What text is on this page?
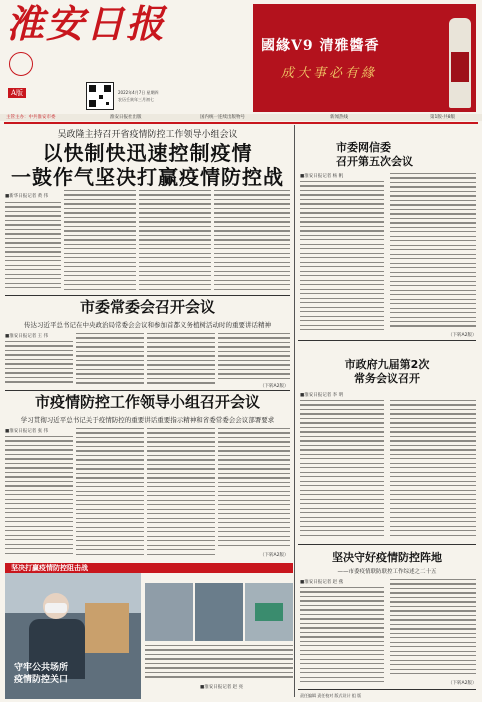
淮安日报
A版	2022年4月7日 星期四
农历壬寅年三月初七
國緣V9 清雅醬香
成大事必有緣
主管主办：中共淮安市委	淮安日报社出版	国内统一连续出版物号	新闻热线	第1版·共8版
吴政隆主持召开省疫情防控工作领导小组会议
以快制快迅速控制疫情
一鼓作气坚决打赢疫情防控战
■新华日报记者 黄 伟
市委常委会召开会议
传达习近平总书记在中央政治局常委会会议和参加首都义务植树活动时的重要讲话精神
■淮安日报记者 王 伟
（下转A2版）
市疫情防控工作领导小组召开会议
学习贯彻习近平总书记关于疫情防控的重要讲话重要指示精神和省委常委会会议部署要求
■淮安日报记者 张 伟
（下转A2版）
坚决打赢疫情防控阻击战
守牢公共场所
疫情防控关口
■淮安日报记者 赵 亮
市委网信委
召开第五次会议
■淮安日报记者 杨 帆
（下转A2版）
市政府九届第2次
常务会议召开
■淮安日报记者 李 明
坚决守好疫情防控阵地
——市委疫情联防联控工作综述之二十五
■淮安日报记者 赵 燕
（下转A2版）
责任编辑 责任校对 版式设计 组 版
